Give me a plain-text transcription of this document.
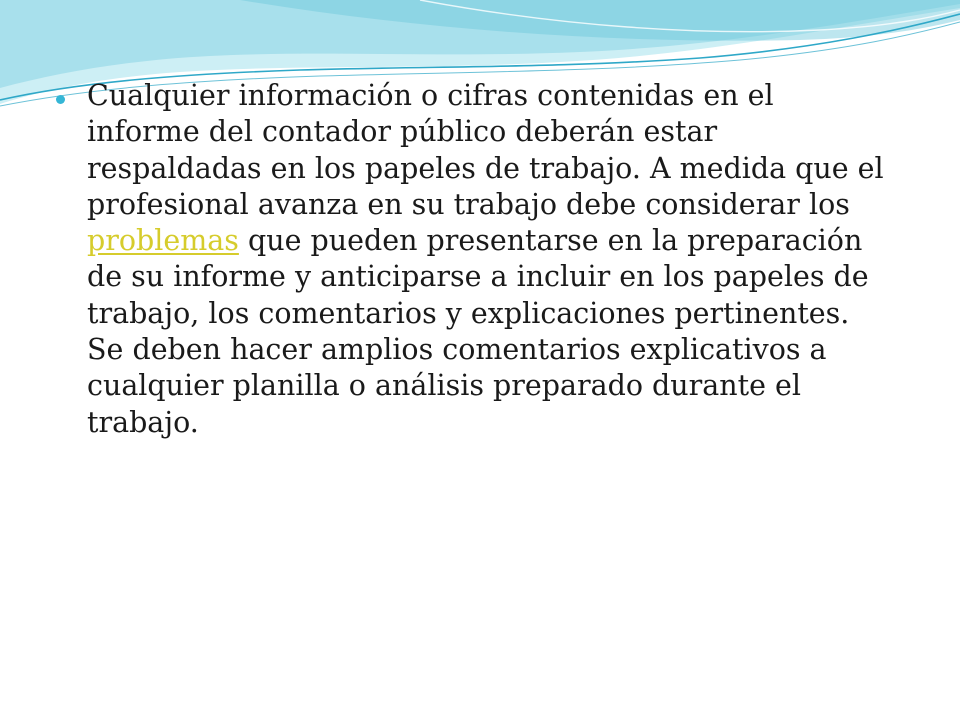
Cualquier información o cifras contenidas en el informe del contador público deberán estar respaldadas en los papeles de trabajo. A medida que el profesional avanza en su trabajo debe considerar los problemas que pueden presentarse en la preparación de su informe y anticiparse a incluir en los papeles de trabajo, los comentarios y explicaciones pertinentes. Se deben hacer amplios comentarios explicativos a cualquier planilla o análisis preparado durante el trabajo.
